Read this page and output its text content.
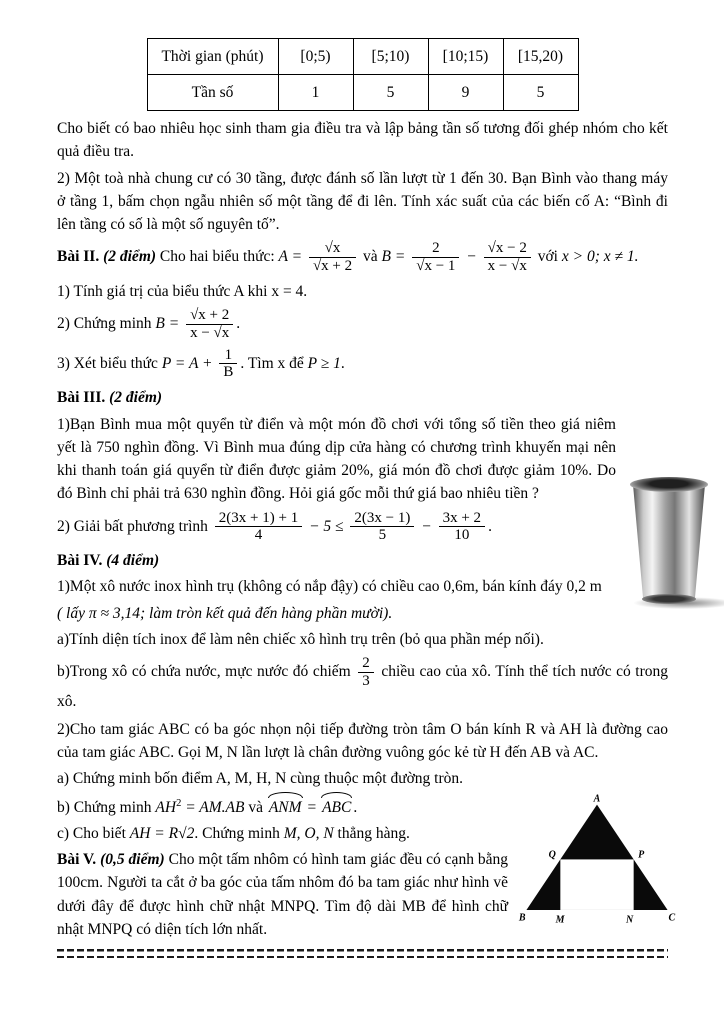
Thời gian (phút)	[0;5)	[5;10)	[10;15)	[15,20)
Tần số	1	5	9	5

Cho biết có bao nhiêu học sinh tham gia điều tra và lập bảng tần số tương đối ghép nhóm cho kết quả điều tra.

2) Một toà nhà chung cư có 30 tầng, được đánh số lần lượt từ 1 đến 30. Bạn Bình vào thang máy ở tầng 1, bấm chọn ngẫu nhiên số một tầng để đi lên. Tính xác suất của các biến cố A: “Bình đi lên tầng có số là một số nguyên tố”.

Bài II. (2 điểm) Cho hai biểu thức: $A = \frac{√x}{√x + 2}$ và $B = \frac{2}{√x - 1} - \frac{√x - 2}{x - √x}$ với x > 0; x ≠ 1.

1) Tính giá trị của biểu thức A khi x = 4.

2) Chứng minh $B = \frac{√x + 2}{x - √x}$ .

3) Xét biểu thức $P = A + \frac{1}{B}$ . Tìm x để P ≥ 1.

Bài III. (2 điểm)

1)Bạn Bình mua một quyển từ điển và một món đồ chơi với tổng số tiền theo giá niêm yết là 750 nghìn đồng. Vì Bình mua đúng dịp cửa hàng có chương trình khuyến mại nên khi thanh toán giá quyển từ điển được giảm 20%, giá món đồ chơi được giảm 10%. Do đó Bình chỉ phải trả 630 nghìn đồng. Hỏi giá gốc mỗi thứ giá bao nhiêu tiền ?

2) Giải bất phương trình $\frac{2(3x + 1) + 1}{4} - 5 \le \frac{2(3x - 1)}{5} - \frac{3x + 2}{10}$ .

Bài IV. (4 điểm)

1)Một xô nước inox hình trụ (không có nắp đậy) có chiều cao 0,6m, bán kính đáy 0,2 m

( lấy π ≈ 3,14; làm tròn kết quả đến hàng phần mười).

a)Tính diện tích inox để làm nên chiếc xô hình trụ trên (bỏ qua phần mép nối).

b)Trong xô có chứa nước, mực nước đó chiếm $\frac{2}{3}$ chiều cao của xô. Tính thể tích nước có trong xô.

2)Cho tam giác ABC có ba góc nhọn nội tiếp đường tròn tâm O bán kính R và AH là đường cao của tam giác ABC. Gọi M, N lần lượt là chân đường vuông góc kẻ từ H đến AB và AC.

a) Chứng minh bốn điểm A, M, H, N cùng thuộc một đường tròn.

A
Q	P
B	M	N	C
b) Chứng minh $AH^2 = AM.AB$ và ANM = ABC .

c) Cho biết AH = R√2. Chứng minh M, O, N thẳng hàng.

Bài V. (0,5 điểm) Cho một tấm nhôm có hình tam giác đều có cạnh bằng 100cm. Người ta cắt ở ba góc của tấm nhôm đó ba tam giác như hình vẽ dưới đây để được hình chữ nhật MNPQ. Tìm độ dài MB để hình chữ nhật MNPQ có diện tích lớn nhất.
